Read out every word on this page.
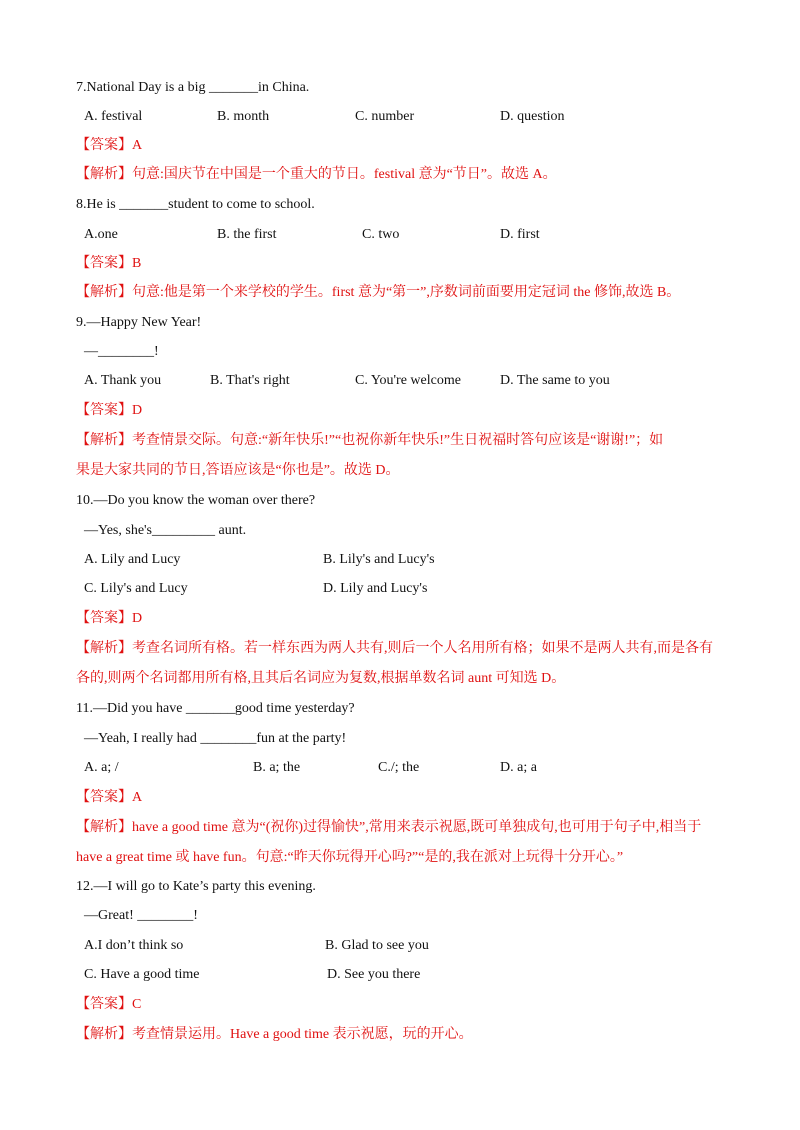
7.National Day is a big _______in China.
A. festival	B. month	C. number	D. question
【答案】A
【解析】句意:国庆节在中国是一个重大的节日。festival 意为“节日”。故选 A。
8.He is _______student to come to school.
A.one	B. the first	C. two	D. first
【答案】B
【解析】句意:他是第一个来学校的学生。first 意为“第一”,序数词前面要用定冠词 the 修饰,故选 B。
9.—Happy New Year!
—________!
A. Thank you	B. That's right	C. You're welcome	D. The same to you
【答案】D
【解析】考查情景交际。句意:“新年快乐!”“也祝你新年快乐!”生日祝福时答句应该是“谢谢!”；如
果是大家共同的节日,答语应该是“你也是”。故选 D。
10.—Do you know the woman over there?
—Yes, she's_________ aunt.
A. Lily and Lucy	B. Lily's and Lucy's
C. Lily's and Lucy	D. Lily and Lucy's
【答案】D
【解析】考查名词所有格。若一样东西为两人共有,则后一个人名用所有格；如果不是两人共有,而是各有
各的,则两个名词都用所有格,且其后名词应为复数,根据单数名词 aunt 可知选 D。
11.—Did you have _______good time yesterday?
—Yeah, I really had ________fun at the party!
A. a; /	B. a; the	C./; the	D. a; a
【答案】A
【解析】have a good time 意为“(祝你)过得愉快”,常用来表示祝愿,既可单独成句,也可用于句子中,相当于
have a great time 或 have fun。句意:“昨天你玩得开心吗?”“是的,我在派对上玩得十分开心。”
12.—I will go to Kate’s party this evening.
—Great! ________!
A.I don’t think so	B. Glad to see you
C. Have a good time	D. See you there
【答案】C
【解析】考查情景运用。Have a good time 表示祝愿，玩的开心。
